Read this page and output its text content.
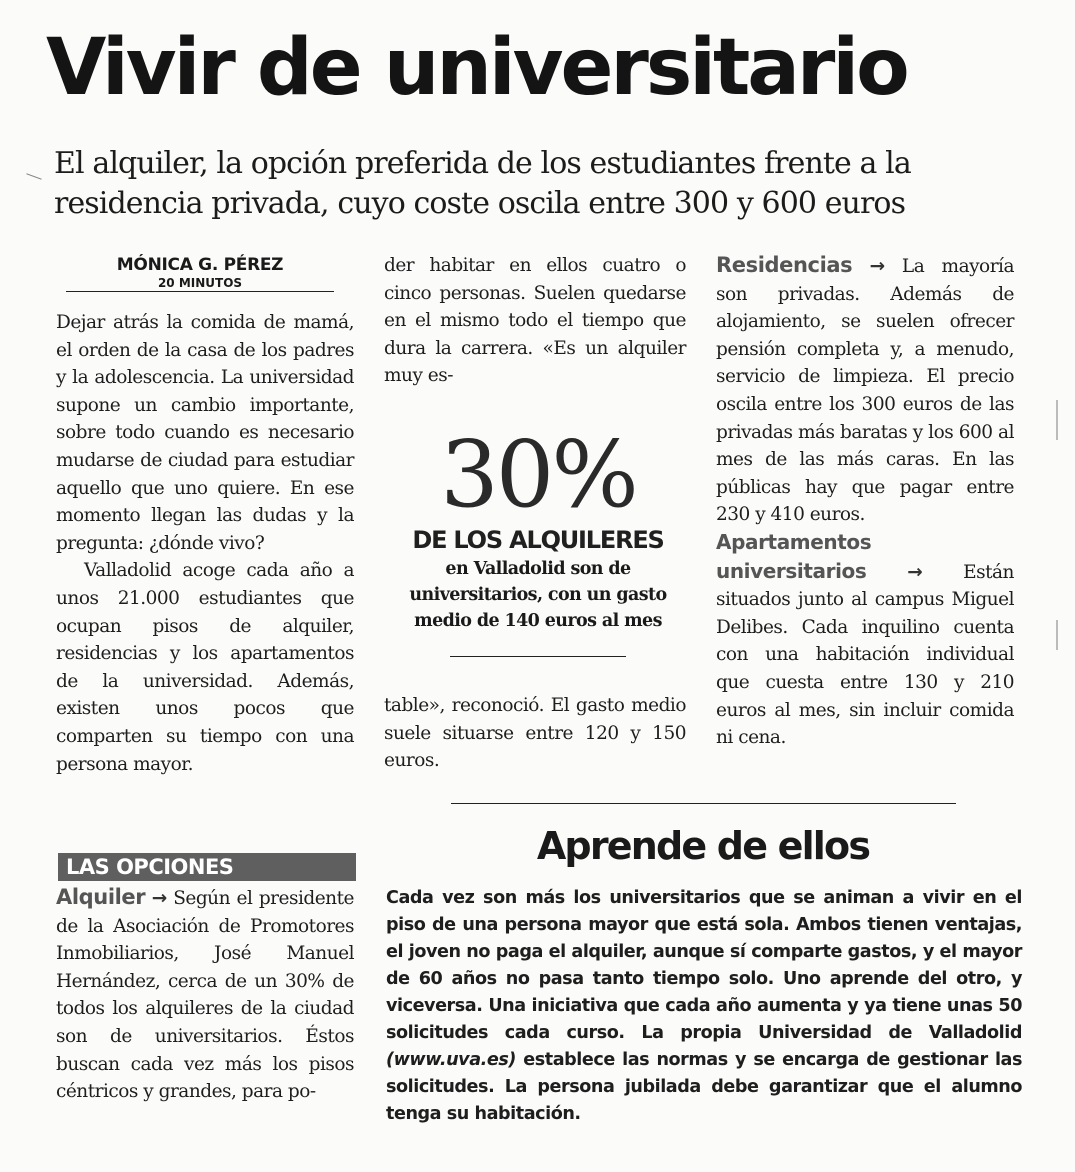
Vivir de universitario

El alquiler, la opción preferida de los estudiantes frente a la residencia privada, cuyo coste oscila entre 300 y 600 euros

MÓNICA G. PÉREZ
20 MINUTOS

Dejar atrás la comida de mamá, el orden de la casa de los padres y la adolescencia. La universidad supone un cambio importante, sobre todo cuando es necesario mudarse de ciudad para estudiar aquello que uno quiere. En ese momento llegan las dudas y la pregunta: ¿dónde vivo?

Valladolid acoge cada año a unos 21.000 estudiantes que ocupan pisos de alquiler, residencias y los apartamentos de la universidad. Además, existen unos pocos que comparten su tiempo con una persona mayor.

LAS OPCIONES

Alquiler → Según el presidente de la Asociación de Promotores Inmobiliarios, José Manuel Hernández, cerca de un 30% de todos los alquileres de la ciudad son de universitarios. Éstos buscan cada vez más los pisos céntricos y grandes, para po-

der habitar en ellos cuatro o cinco personas. Suelen quedarse en el mismo todo el tiempo que dura la carrera. «Es un alquiler muy es-

30%
DE LOS ALQUILERES
en Valladolid son de universitarios, con un gasto medio de 140 euros al mes

table», reconoció. El gasto medio suele situarse entre 120 y 150 euros.

Residencias → La mayoría son privadas. Además de alojamiento, se suelen ofrecer pensión completa y, a menudo, servicio de limpieza. El precio oscila entre los 300 euros de las privadas más baratas y los 600 al mes de las más caras. En las públicas hay que pagar entre 230 y 410 euros.

Apartamentos universitarios → Están situados junto al campus Miguel Delibes. Cada inquilino cuenta con una habitación individual que cuesta entre 130 y 210 euros al mes, sin incluir comida ni cena.

Aprende de ellos

Cada vez son más los universitarios que se animan a vivir en el piso de una persona mayor que está sola. Ambos tienen ventajas, el joven no paga el alquiler, aunque sí comparte gastos, y el mayor de 60 años no pasa tanto tiempo solo. Uno aprende del otro, y viceversa. Una iniciativa que cada año aumenta y ya tiene unas 50 solicitudes cada curso. La propia Universidad de Valladolid (www.uva.es) establece las normas y se encarga de gestionar las solicitudes. La persona jubilada debe garantizar que el alumno tenga su habitación.
